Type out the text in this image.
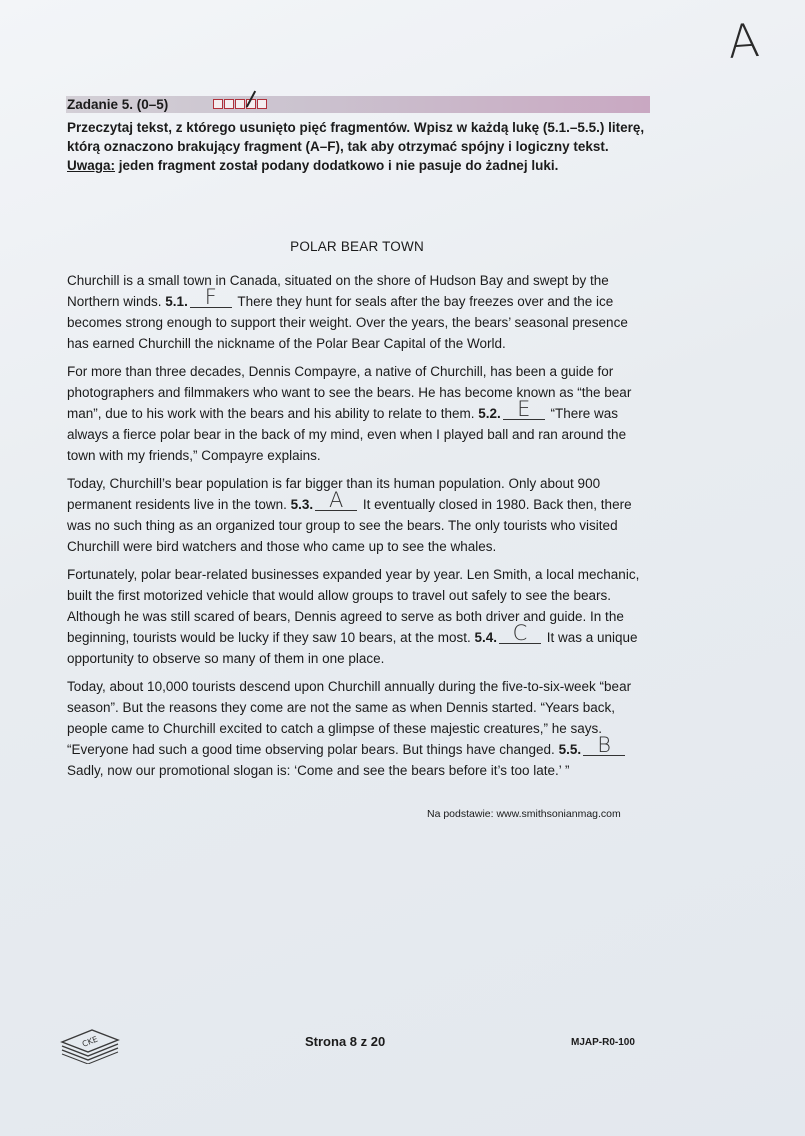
A
Zadanie 5. (0–5)
Przeczytaj tekst, z którego usunięto pięć fragmentów. Wpisz w każdą lukę (5.1.–5.5.) literę, którą oznaczono brakujący fragment (A–F), tak aby otrzymać spójny i logiczny tekst.
Uwaga: jeden fragment został podany dodatkowo i nie pasuje do żadnej luki.
POLAR BEAR TOWN

Churchill is a small town in Canada, situated on the shore of Hudson Bay and swept by the Northern winds. 5.1. F	There they hunt for seals after the bay freezes over and the ice becomes strong enough to support their weight. Over the years, the bears’ seasonal presence has earned Churchill the nickname of the Polar Bear Capital of the World.

For more than three decades, Dennis Compayre, a native of Churchill, has been a guide for photographers and filmmakers who want to see the bears. He has become known as “the bear man”, due to his work with the bears and his ability to relate to them. 5.2. E	“There was always a fierce polar bear in the back of my mind, even when I played ball and ran around the town with my friends,” Compayre explains.

Today, Churchill’s bear population is far bigger than its human population. Only about 900 permanent residents live in the town. 5.3. A	It eventually closed in 1980. Back then, there was no such thing as an organized tour group to see the bears. The only tourists who visited Churchill were bird watchers and those who came up to see the whales.

Fortunately, polar bear-related businesses expanded year by year. Len Smith, a local mechanic, built the first motorized vehicle that would allow groups to travel out safely to see the bears. Although he was still scared of bears, Dennis agreed to serve as both driver and guide. In the beginning, tourists would be lucky if they saw 10 bears, at the most. 5.4. C	It was a unique opportunity to observe so many of them in one place.

Today, about 10,000 tourists descend upon Churchill annually during the five-to-six-week “bear season”. But the reasons they come are not the same as when Dennis started. “Years back, people came to Churchill excited to catch a glimpse of these majestic creatures,” he says. “Everyone had such a good time observing polar bears. But things have changed. 5.5. B
Sadly, now our promotional slogan is: ‘Come and see the bears before it’s too late.’ ”

Na podstawie: www.smithsonianmag.com
CKE	Strona 8 z 20	MJAP-R0-100
